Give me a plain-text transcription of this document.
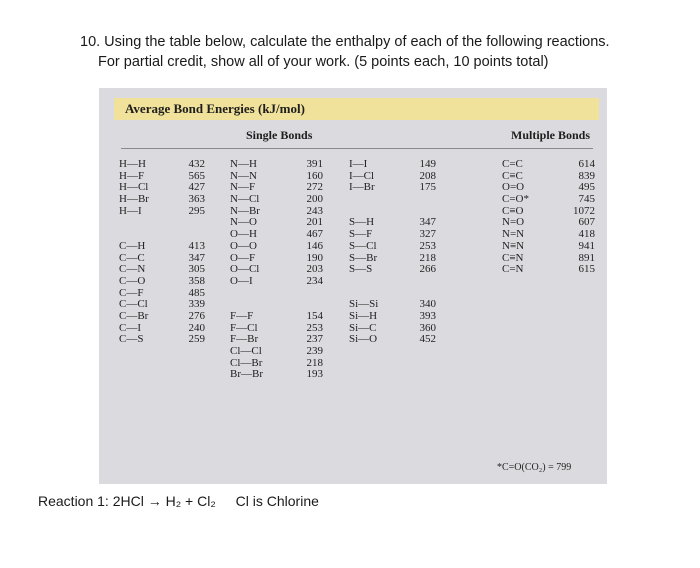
10. Using the table below, calculate the enthalpy of each of the following reactions.
For partial credit, show all of your work. (5 points each, 10 points total)
Average Bond Energies (kJ/mol)
Single Bonds	Multiple Bonds
H—H
H—F
H—Cl
H—Br
H—I
C—H
C—C
C—N
C—O
C—F
C—Cl
C—Br
C—I
C—S
432
565
427
363
295
413
347
305
358
485
339
276
240
259
N—H
N—N
N—F
N—Cl
N—Br
N—O
O—H
O—O
O—F
O—Cl
O—I
F—F
F—Cl
F—Br
Cl—Cl
Cl—Br
Br—Br
391
160
272
200
243
201
467
146
190
203
234
154
253
237
239
218
193
I—I
I—Cl
I—Br
S—H
S—F
S—Cl
S—Br
S—S
Si—Si
Si—H
Si—C
Si—O
149
208
175
347
327
253
218
266
340
393
360
452
C=C
C≡C
O=O
C=O*
C≡O
N=O
N=N
N≡N
C≡N
C=N
614
839
495
745
1072
607
418
941
891
615
*C=O(CO₂) = 799
Reaction 1: 2HCl → H₂ + Cl₂ Cl is Chlorine
